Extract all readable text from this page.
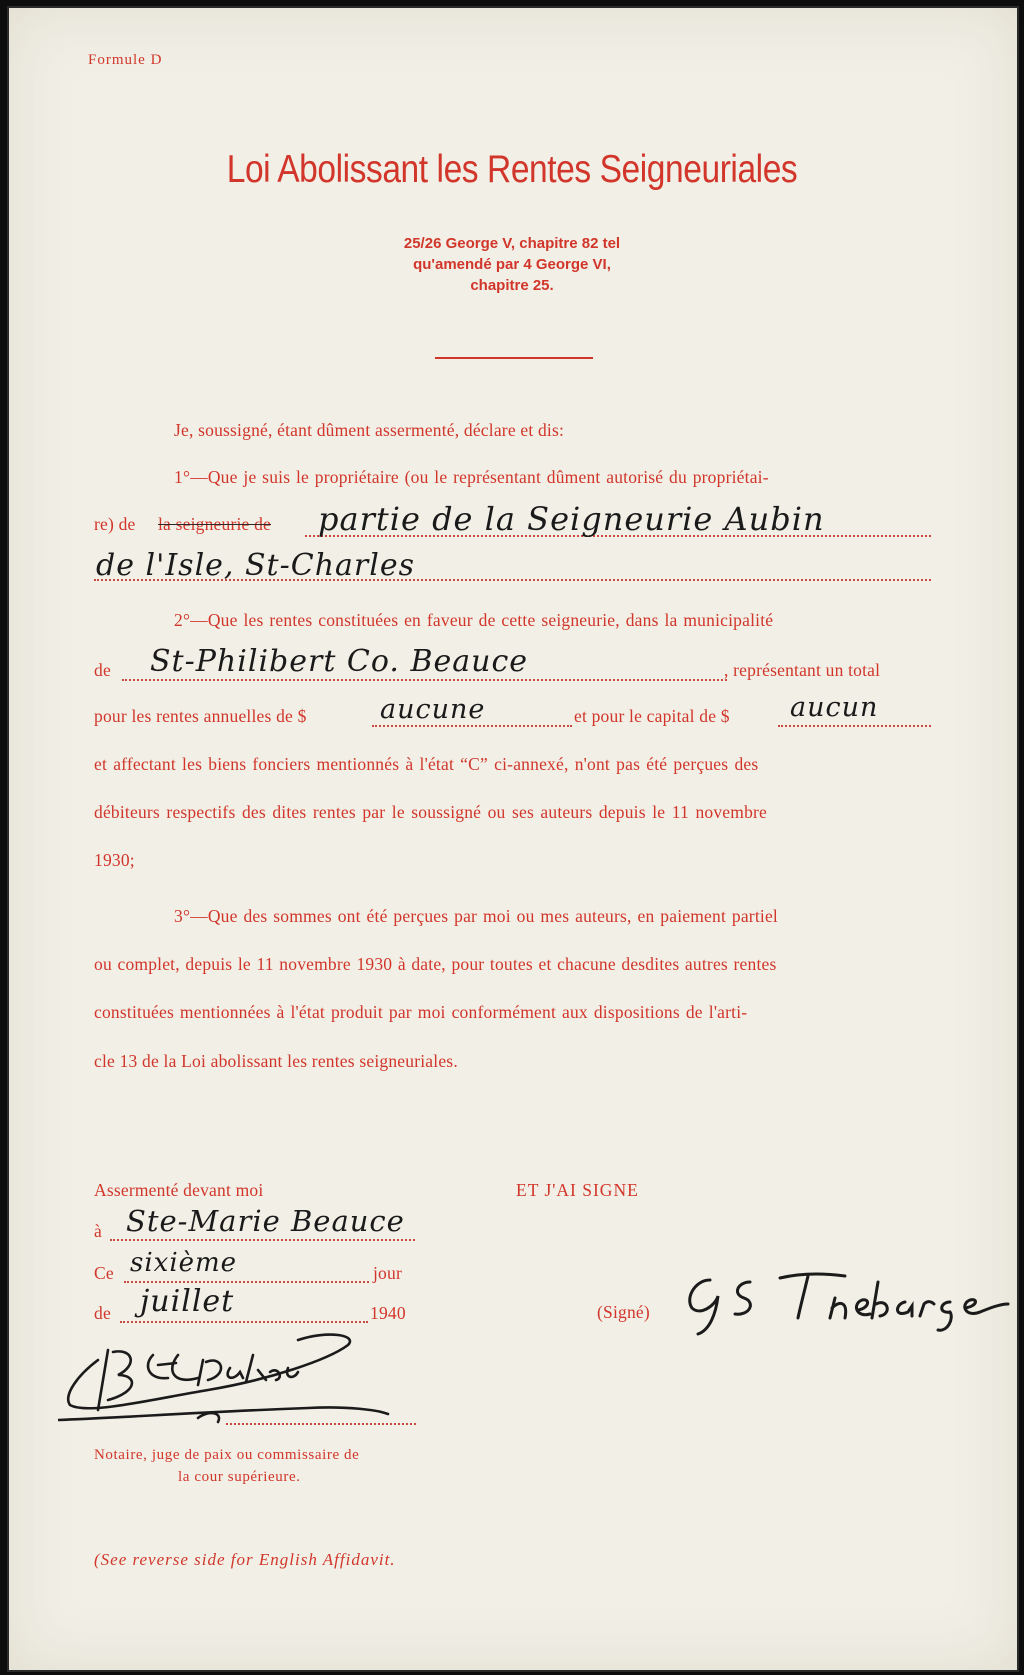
Formule D
Loi Abolissant les Rentes Seigneuriales
25/26 George V, chapitre 82 tel
qu'amendé par 4 George VI,
chapitre 25.
Je, soussigné, étant dûment assermenté, déclare et dis:
1°—Que je suis le propriétaire (ou le représentant dûment autorisé du propriétai-
re) de la seigneurie de partie de la Seigneurie Aubin
de l'Isle, St-Charles
2°—Que les rentes constituées en faveur de cette seigneurie, dans la municipalité
de St-Philibert Co. Beauce	, représentant un total
pour les rentes annuelles de $	aucune	et pour le capital de $ aucun
et affectant les biens fonciers mentionnés à l'état “C” ci-annexé, n'ont pas été perçues des
débiteurs respectifs des dites rentes par le soussigné ou ses auteurs depuis le 11 novembre
1930;
3°—Que des sommes ont été perçues par moi ou mes auteurs, en paiement partiel
ou complet, depuis le 11 novembre 1930 à date, pour toutes et chacune desdites autres rentes
constituées mentionnées à l'état produit par moi conformément aux dispositions de l'arti-
cle 13 de la Loi abolissant les rentes seigneuriales.
Assermenté devant moi
à Ste-Marie Beauce
Ce sixième	jour
de juillet	1940
Notaire, juge de paix ou commissaire de
la cour supérieure.
ET J'AI SIGNE
(Signé)
(See reverse side for English Affidavit.
